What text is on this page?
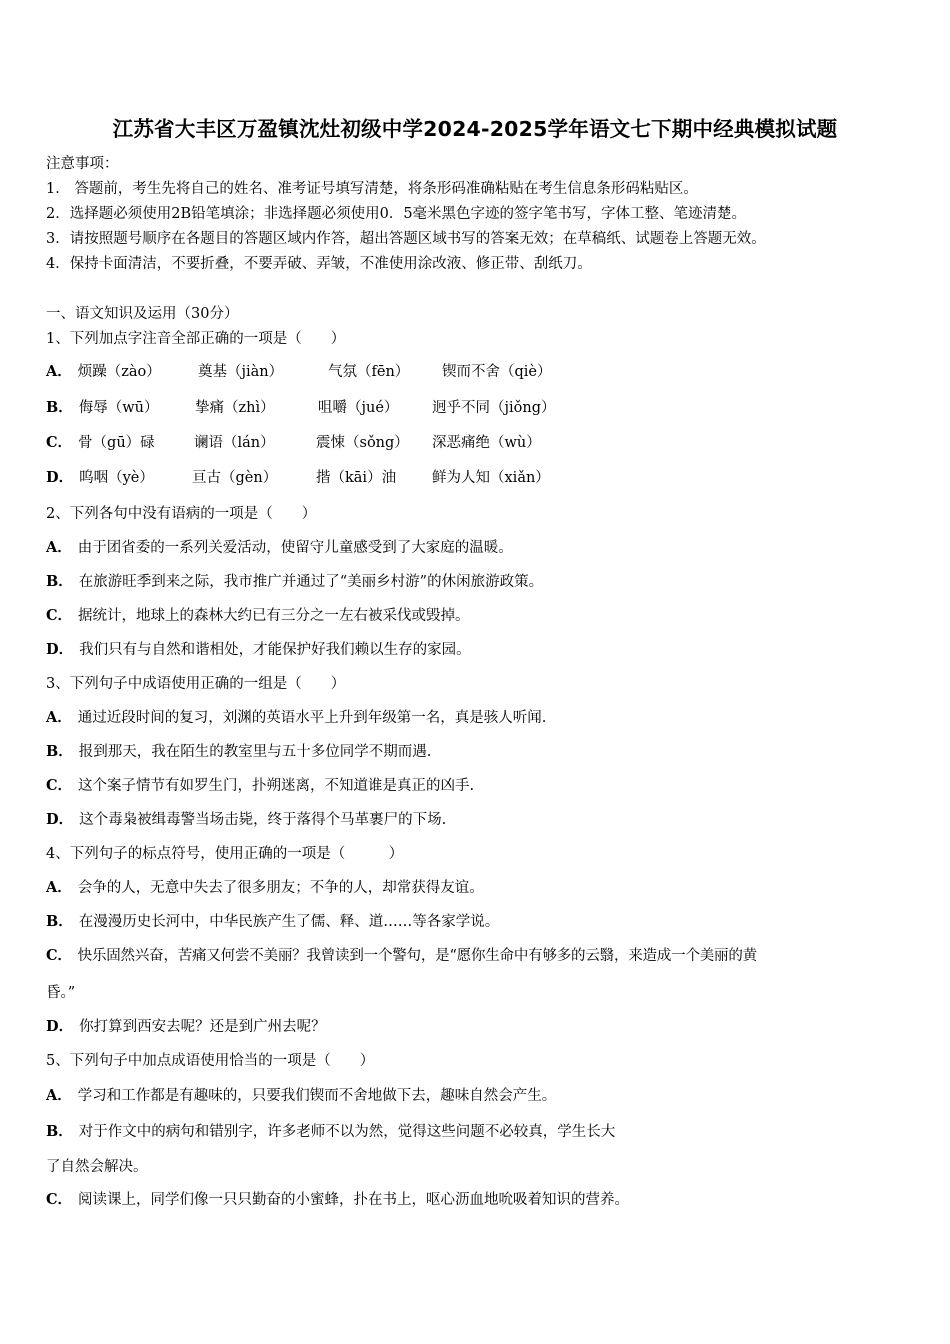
江苏省大丰区万盈镇沈灶初级中学2024-2025学年语文七下期中经典模拟试题
注意事项：
1． 答题前，考生先将自己的姓名、准考证号填写清楚，将条形码准确粘贴在考生信息条形码粘贴区。
2．选择题必须使用2B铅笔填涂；非选择题必须使用0．5毫米黑色字迹的签字笔书写，字体工整、笔迹清楚。
3．请按照题号顺序在各题目的答题区域内作答，超出答题区域书写的答案无效；在草稿纸、试题卷上答题无效。
4．保持卡面清洁，不要折叠，不要弄破、弄皱，不准使用涂改液、修正带、刮纸刀。
一、语文知识及运用（30分）
1、下列加点字注音全部正确的一项是（　　）
A． 烦躁（zào）	奠基（jiàn）	气氛（fēn） 锲而不舍（qiè）
B． 侮辱（wū）	挚痛（zhì）	咀嚼（jué） 迥乎不同（jiǒng）
C． 骨（gū）碌	谰语（lán）	震悚（sǒng） 深恶痛绝（wù）
D． 呜咽（yè）	亘古（gèn）	揩（kāi）油 鲜为人知（xiǎn）
2、下列各句中没有语病的一项是（　　）
A． 由于团省委的一系列关爱活动，使留守儿童感受到了大家庭的温暖。
B． 在旅游旺季到来之际，我市推广并通过了“美丽乡村游”的休闲旅游政策。
C． 据统计，地球上的森林大约已有三分之一左右被采伐或毁掉。
D． 我们只有与自然和谐相处，才能保护好我们赖以生存的家园。
3、下列句子中成语使用正确的一组是（　　）
A． 通过近段时间的复习，刘渊的英语水平上升到年级第一名，真是骇人听闻.
B． 报到那天，我在陌生的教室里与五十多位同学不期而遇.
C． 这个案子情节有如罗生门，扑朔迷离，不知道谁是真正的凶手.
D． 这个毒枭被缉毒警当场击毙，终于落得个马革裹尸的下场.
4、下列句子的标点符号，使用正确的一项是（　　　）
A． 会争的人，无意中失去了很多朋友；不争的人，却常获得友谊。
B． 在漫漫历史长河中，中华民族产生了儒、释、道……等各家学说。
C． 快乐固然兴奋，苦痛又何尝不美丽？我曾读到一个警句，是“愿你生命中有够多的云翳，来造成一个美丽的黄
昏。”
D． 你打算到西安去呢？还是到广州去呢？
5、下列句子中加点成语使用恰当的一项是（　　）
A． 学习和工作都是有趣味的，只要我们锲而不舍地做下去，趣味自然会产生。
B． 对于作文中的病句和错别字，许多老师不以为然，觉得这些问题不必较真，学生长大
了自然会解决。
C． 阅读课上，同学们像一只只勤奋的小蜜蜂，扑在书上，呕心沥血地吮吸着知识的营养。
